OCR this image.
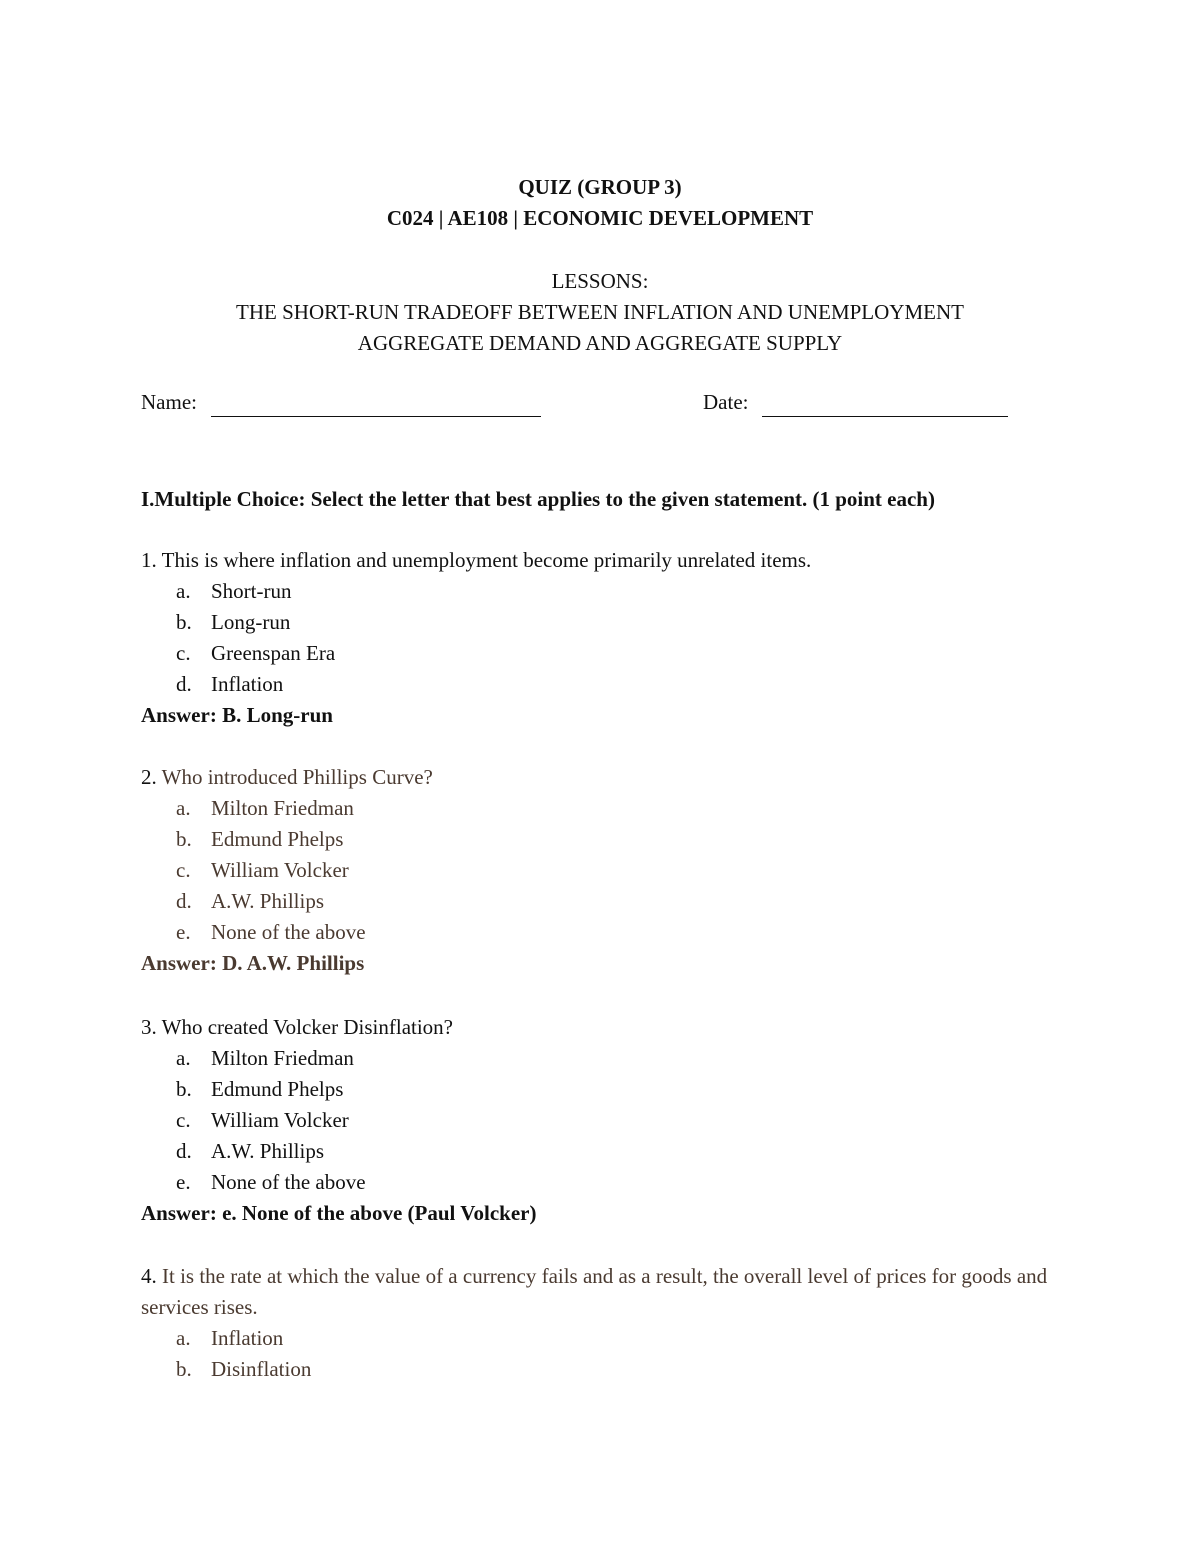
QUIZ (GROUP 3)
C024 | AE108 | ECONOMIC DEVELOPMENT
LESSONS:
THE SHORT-RUN TRADEOFF BETWEEN INFLATION AND UNEMPLOYMENT
AGGREGATE DEMAND AND AGGREGATE SUPPLY
Name:	Date:
I.Multiple Choice: Select the letter that best applies to the given statement. (1 point each)

1. This is where inflation and unemployment become primarily unrelated items.

a. Short-run
b. Long-run
c. Greenspan Era
d. Inflation

Answer: B. Long-run

2. Who introduced Phillips Curve?

a. Milton Friedman
b. Edmund Phelps
c. William Volcker
d. A.W. Phillips
e. None of the above

Answer: D. A.W. Phillips

3. Who created Volcker Disinflation?

a. Milton Friedman
b. Edmund Phelps
c. William Volcker
d. A.W. Phillips
e. None of the above

Answer: e. None of the above (Paul Volcker)

4. It is the rate at which the value of a currency fails and as a result, the overall level of prices for goods and services rises.

a. Inflation
b. Disinflation
